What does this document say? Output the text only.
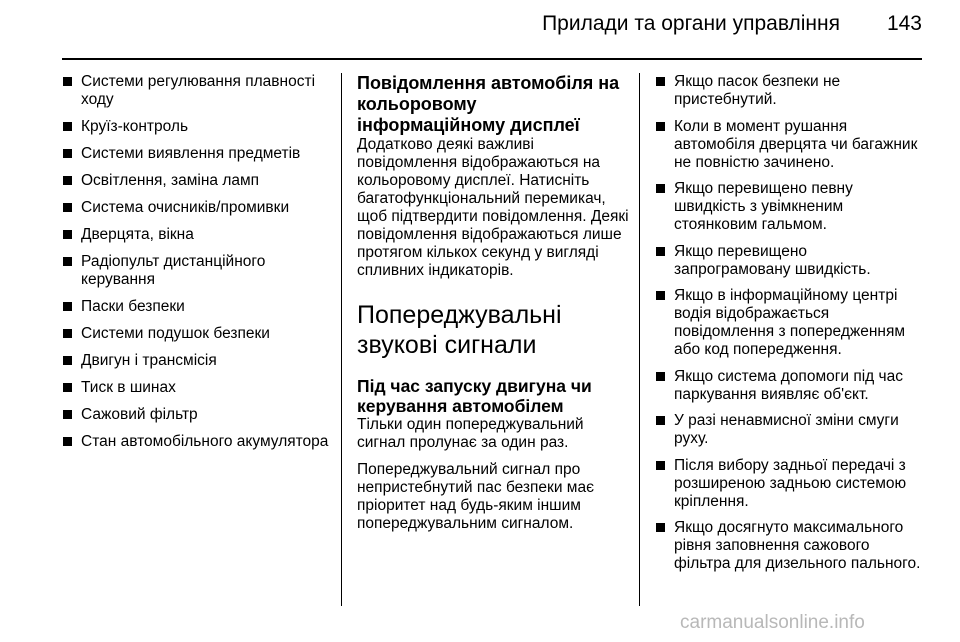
Прилади та органи управління	143
Системи регулювання плавності ходу
Круїз-контроль
Системи виявлення предметів
Освітлення, заміна ламп
Система очисників/промивки
Дверцята, вікна
Радіопульт дистанційного керування
Паски безпеки
Системи подушок безпеки
Двигун і трансмісія
Тиск в шинах
Сажовий фільтр
Стан автомобільного акумулятора
Повідомлення автомобіля на кольоровому інформаційному дисплеї

Додатково деякі важливі повідомлення відображаються на кольоровому дисплеї. Натисніть багатофункціональний перемикач, щоб підтвердити повідомлення. Деякі повідомлення відображаються лише протягом кількох секунд у вигляді спливних індикаторів.

Попереджувальні звукові сигнали
Під час запуску двигуна чи керування автомобілем

Тільки один попереджувальний сигнал пролунає за один раз.

Попереджувальний сигнал про непристебнутий пас безпеки має пріоритет над будь-яким іншим попереджувальним сигналом.

Якщо пасок безпеки не пристебнутий.
Коли в момент рушання автомобіля дверцята чи багажник не повністю зачинено.
Якщо перевищено певну швидкість з увімкненим стоянковим гальмом.
Якщо перевищено запрограмовану швидкість.
Якщо в інформаційному центрі водія відображається повідомлення з попередженням або код попередження.
Якщо система допомоги під час паркування виявляє об'єкт.
У разі ненавмисної зміни смуги руху.
Після вибору задньої передачі з розширеною задньою системою кріплення.
Якщо досягнуто максимального рівня заповнення сажового фільтра для дизельного пального.
carmanualsonline.info
